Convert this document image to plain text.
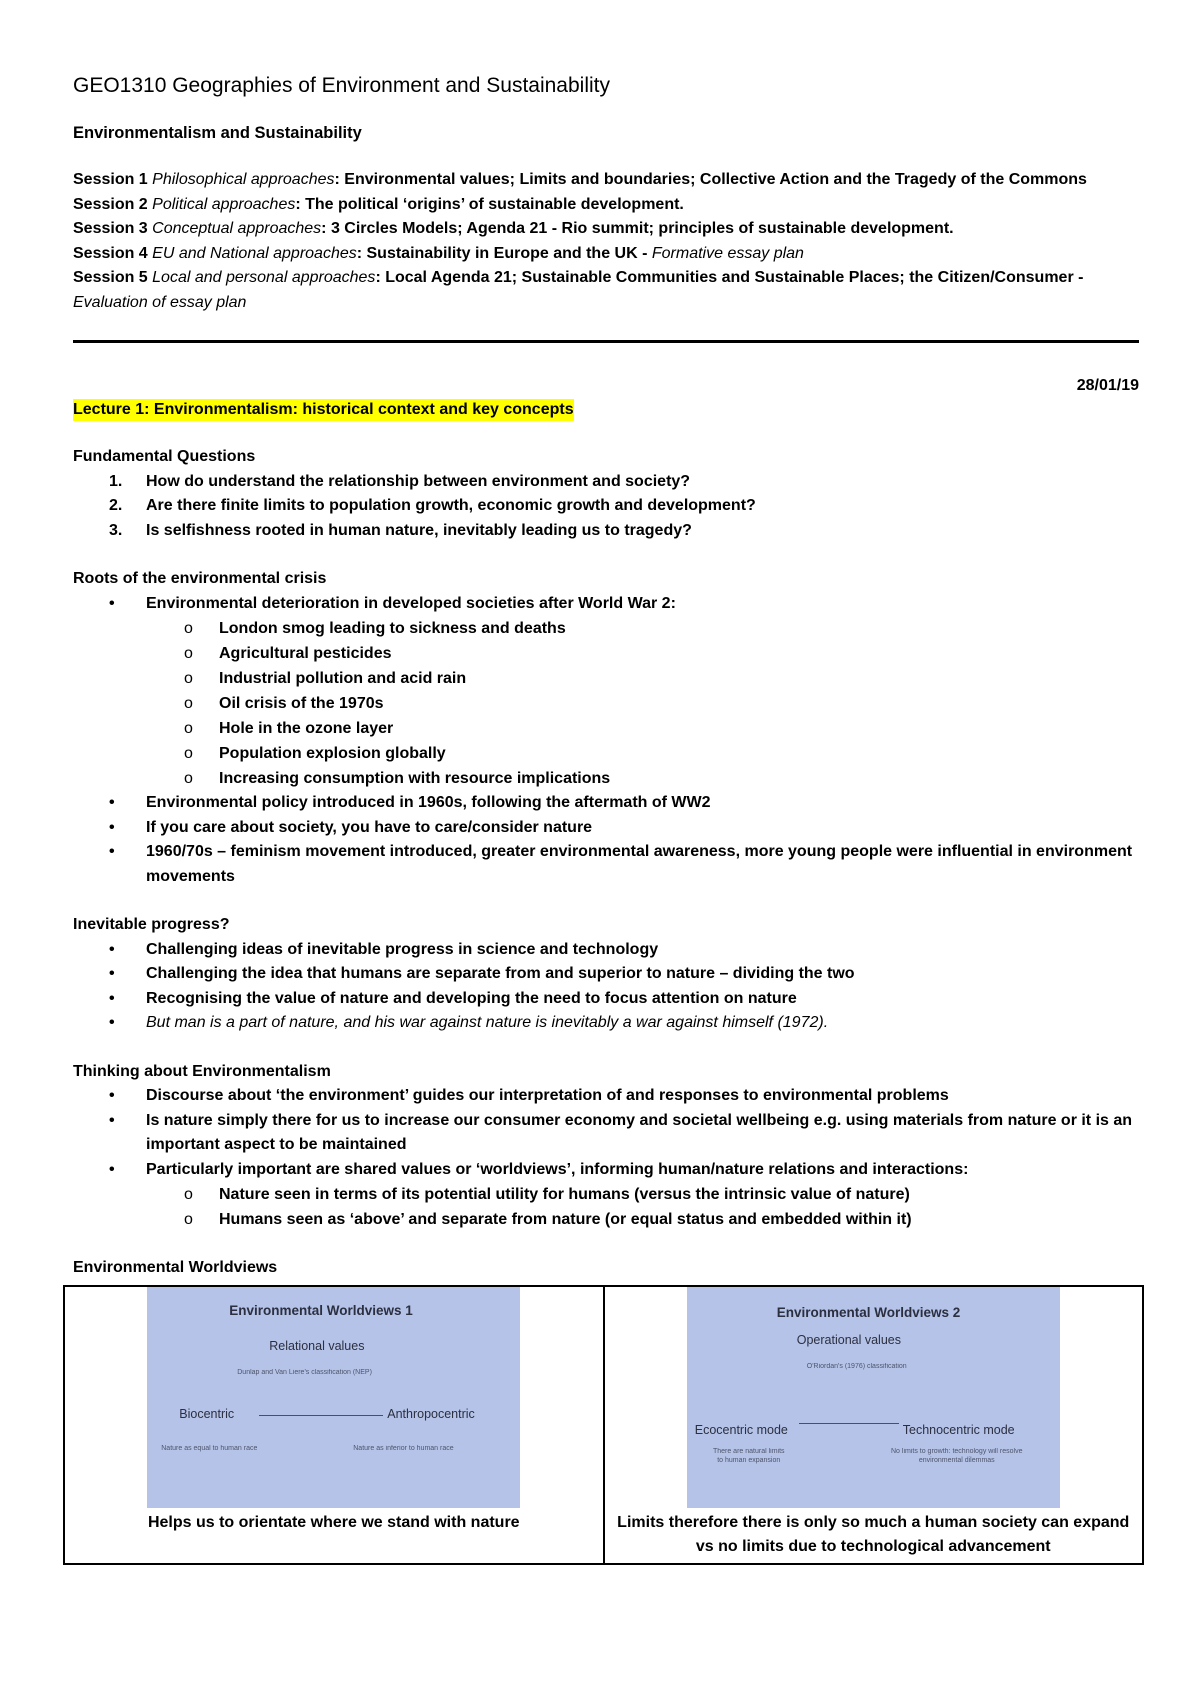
GEO1310 Geographies of Environment and Sustainability
Environmentalism and Sustainability
Session 1 Philosophical approaches: Environmental values; Limits and boundaries; Collective Action and the Tragedy of the Commons
Session 2 Political approaches: The political ‘origins’ of sustainable development.
Session 3 Conceptual approaches: 3 Circles Models; Agenda 21 - Rio summit; principles of sustainable development.
Session 4 EU and National approaches: Sustainability in Europe and the UK - Formative essay plan
Session 5 Local and personal approaches: Local Agenda 21; Sustainable Communities and Sustainable Places; the Citizen/Consumer - Evaluation of essay plan
28/01/19
Lecture 1: Environmentalism: historical context and key concepts
Fundamental Questions
1.	How do understand the relationship between environment and society?
2.	Are there finite limits to population growth, economic growth and development?
3.	Is selfishness rooted in human nature, inevitably leading us to tragedy?
Roots of the environmental crisis
•	Environmental deterioration in developed societies after World War 2:
o London smog leading to sickness and deaths
o Agricultural pesticides
o Industrial pollution and acid rain
o Oil crisis of the 1970s
o Hole in the ozone layer
o Population explosion globally
o Increasing consumption with resource implications
•	Environmental policy introduced in 1960s, following the aftermath of WW2
•	If you care about society, you have to care/consider nature
•	1960/70s – feminism movement introduced, greater environmental awareness, more young people were influential in environment movements
Inevitable progress?
•	Challenging ideas of inevitable progress in science and technology
•	Challenging the idea that humans are separate from and superior to nature – dividing the two
•	Recognising the value of nature and developing the need to focus attention on nature
•	But man is a part of nature, and his war against nature is inevitably a war against himself (1972).
Thinking about Environmentalism
•	Discourse about ‘the environment’ guides our interpretation of and responses to environmental problems
•	Is nature simply there for us to increase our consumer economy and societal wellbeing e.g. using materials from nature or it is an important aspect to be maintained
•	Particularly important are shared values or ‘worldviews’, informing human/nature relations and interactions:
o Nature seen in terms of its potential utility for humans (versus the intrinsic value of nature)
o Humans seen as ‘above’ and separate from nature (or equal status and embedded within it)
Environmental Worldviews
Environmental Worldviews 1
Relational values
Dunlap and Van Liere's classification (NEP)
Biocentric	Anthropocentric
Nature as equal to human race	Nature as inferior to human race
Helps us to orientate where we stand with nature

Environmental Worldviews 2
Operational values
O'Riordan's (1976) classification
Ecocentric mode	Technocentric mode
There are natural limits to human expansion
No limits to growth: technology will resolve environmental dilemmas
Limits therefore there is only so much a human society can expand vs no limits due to technological advancement
